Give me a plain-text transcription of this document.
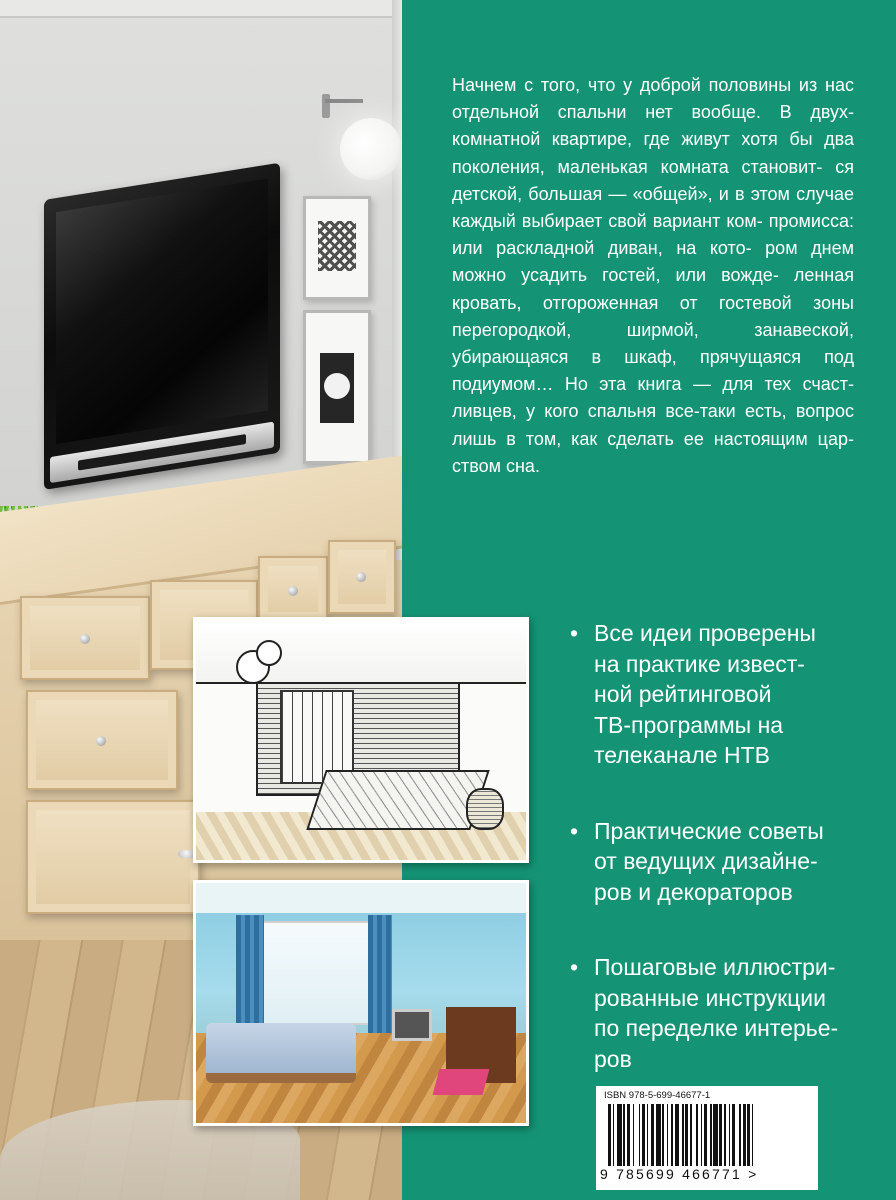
Начнем с того, что у доброй половины из нас отдельной спальни нет вообще. В двух- комнатной квартире, где живут хотя бы два поколения, маленькая комната становит- ся детской, большая — «общей», и в этом случае каждый выбирает свой вариант ком- промисса: или раскладной диван, на кото- ром днем можно усадить гостей, или вожде- ленная кровать, отгороженная от гостевой зоны перегородкой, ширмой, занавеской, убирающаяся в шкаф, прячущаяся под подиумом… Но эта книга — для тех счаст- ливцев, у кого спальня все-таки есть, вопрос лишь в том, как сделать ее настоящим цар- ством сна.

• Все идеи проверены
на практике извест-
ной рейтинговой
ТВ-программы на
телеканале НТВ
• Практические советы
от ведущих дизайне-
ров и декораторов
• Пошаговые иллюстри-
рованные инструкции
по переделке интерье-
ров
ISBN 978-5-699-46677-1
9 785699 466771 >
